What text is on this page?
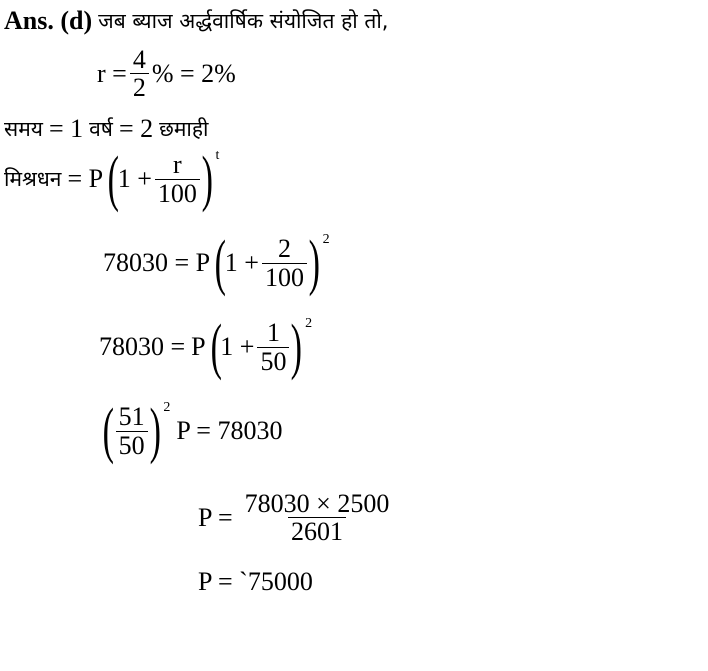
Ans. (d) जब ब्याज अर्द्धवार्षिक संयोजित हो तो,
$r = \frac{4}{2}$ % = 2%
समय = 1 वर्ष = 2 छमाही
मिश्रधन = P (
$1 + \frac{r}{100}$ ) t
78030 = P (
$1 + \frac{2}{100}$ ) 2
78030 = P (
$1 + \frac{1}{50}$ ) 2
( $\frac{51}{50}$ ) 2
P = 78030
$P = \frac{78030 \times 2500}{2601}$
P = `75000
